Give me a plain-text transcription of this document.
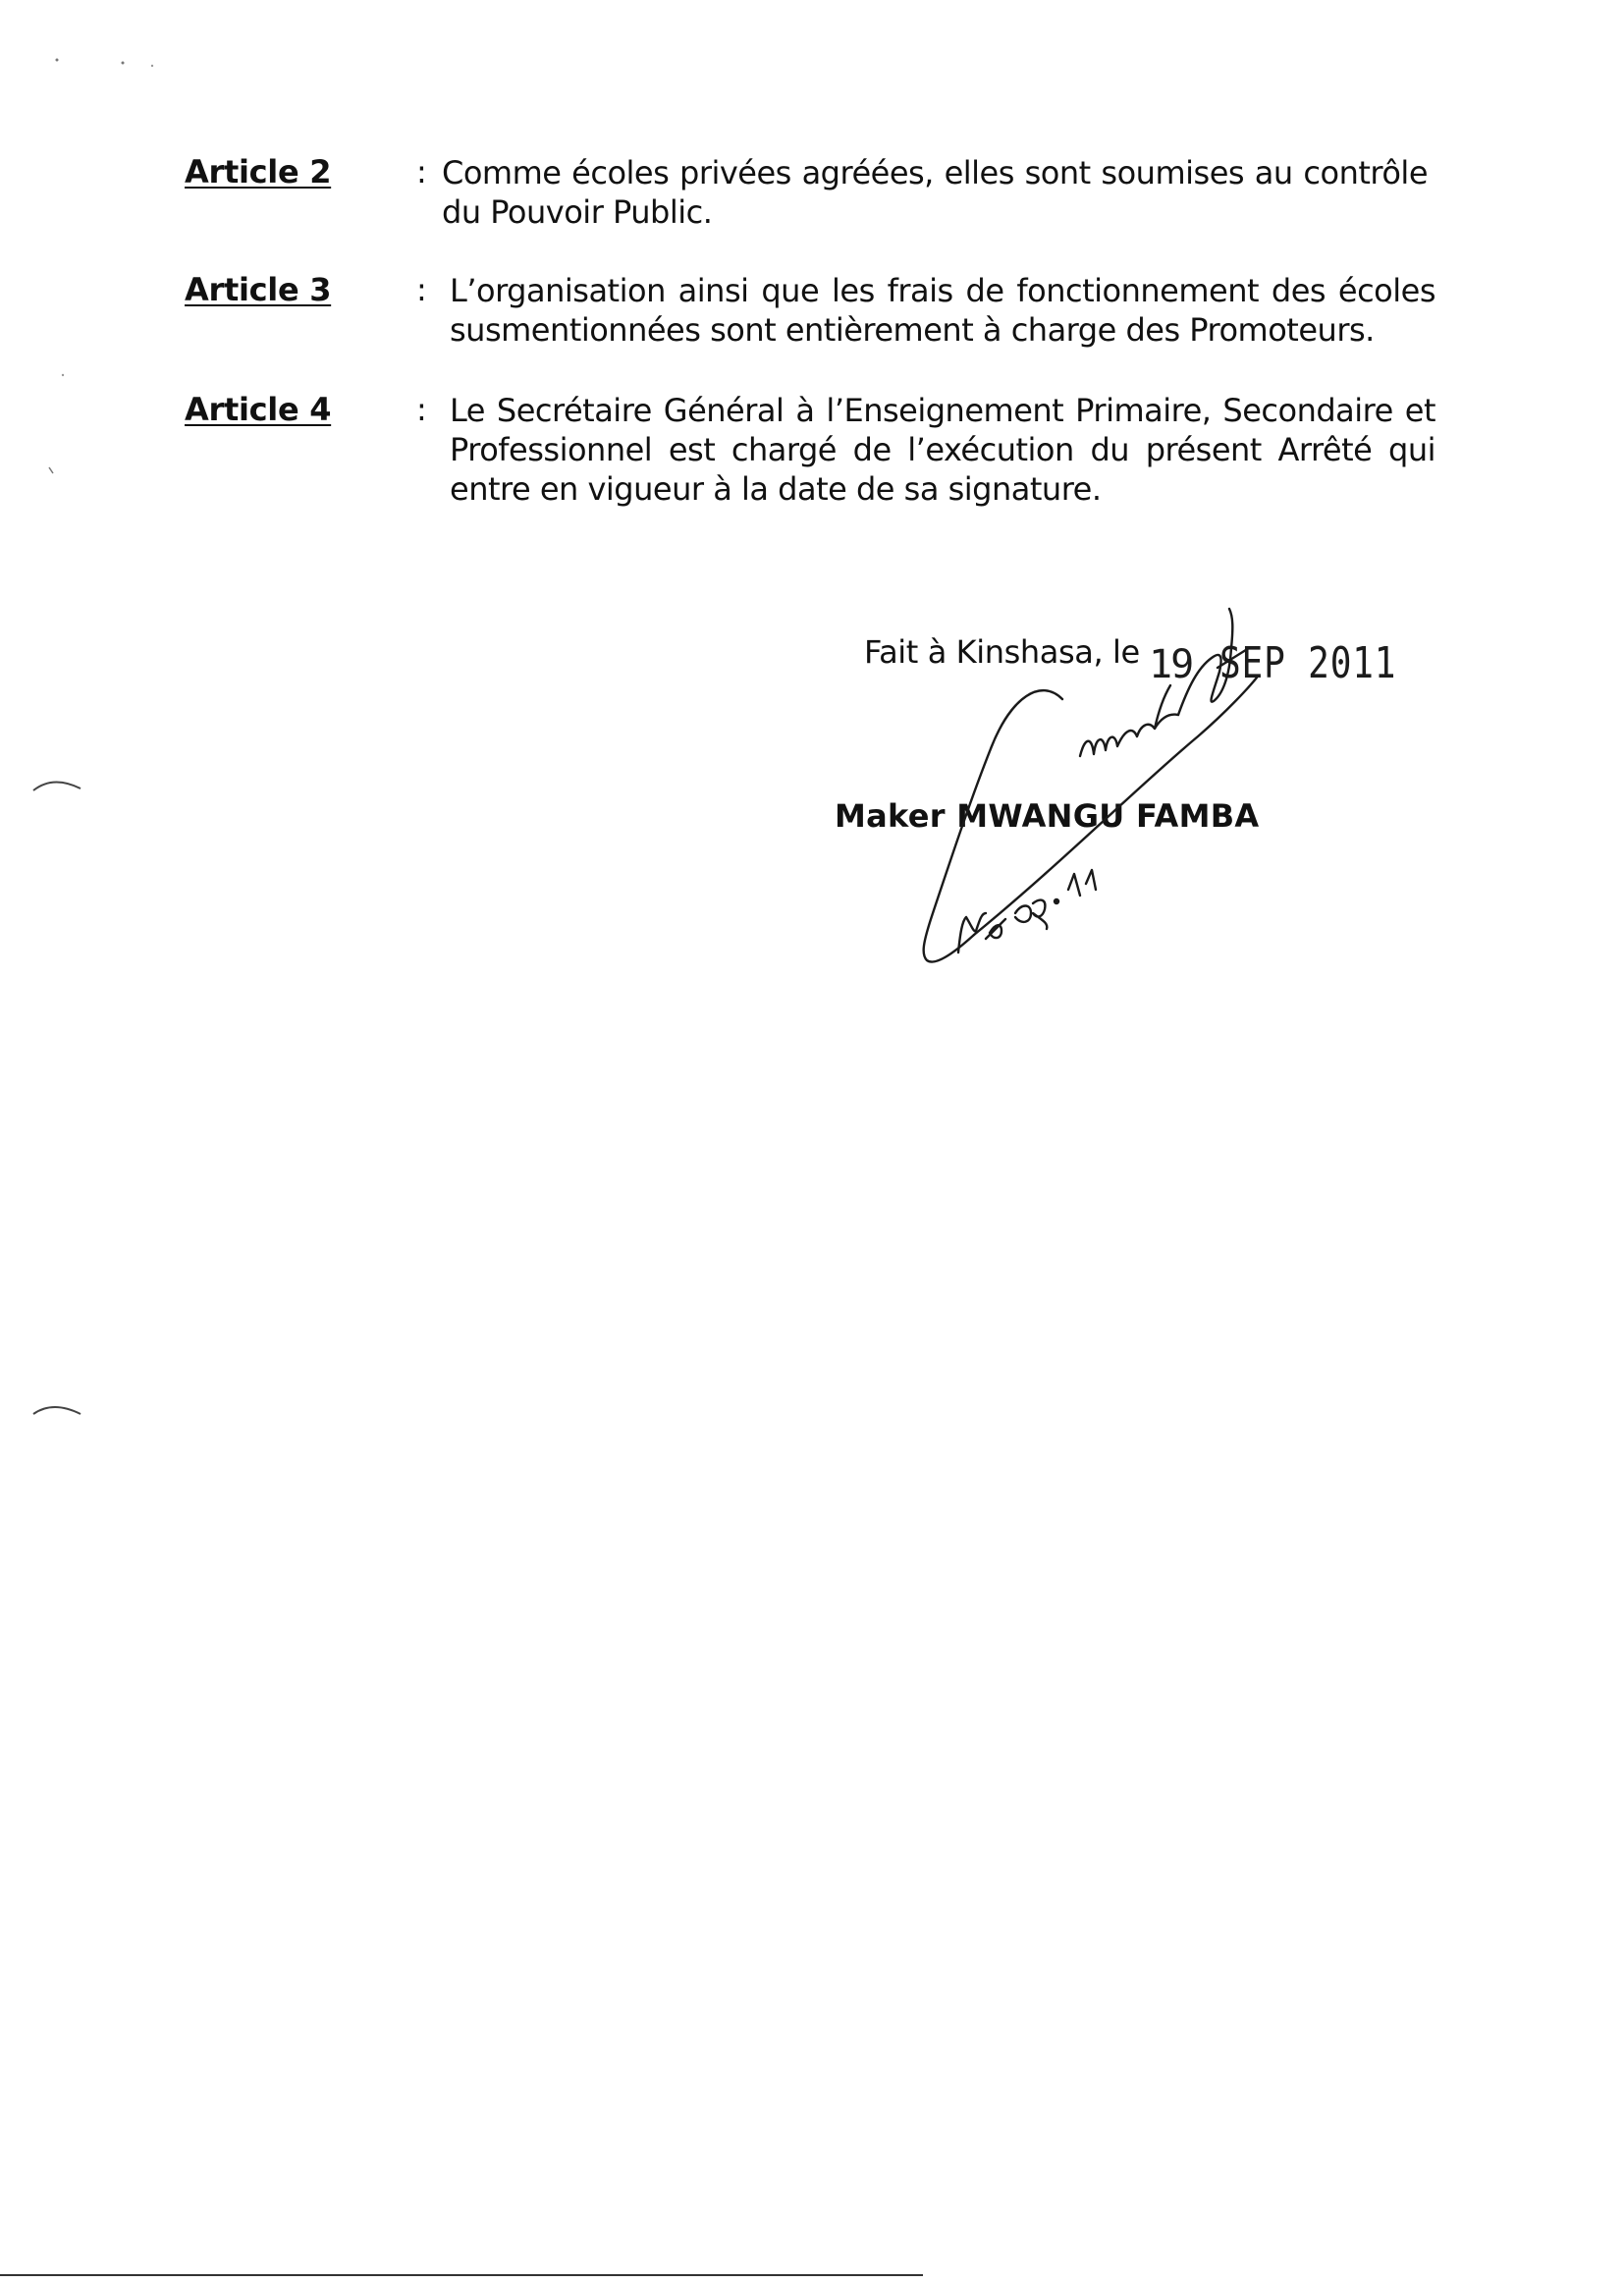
Article 2	: Comme écoles privées agréées, elles sont soumises au contrôle du Pouvoir Public.
Article 3	: L’organisation ainsi que les frais de fonctionnement des écoles susmentionnées sont entièrement à charge des Promoteurs.
Article 4	: Le Secrétaire Général à l’Enseignement Primaire, Secondaire et Professionnel est chargé de l’exécution du présent Arrêté qui entre en vigueur à la date de sa signature.
Fait à Kinshasa, le 19 SEP 2011
Maker MWANGU FAMBA
